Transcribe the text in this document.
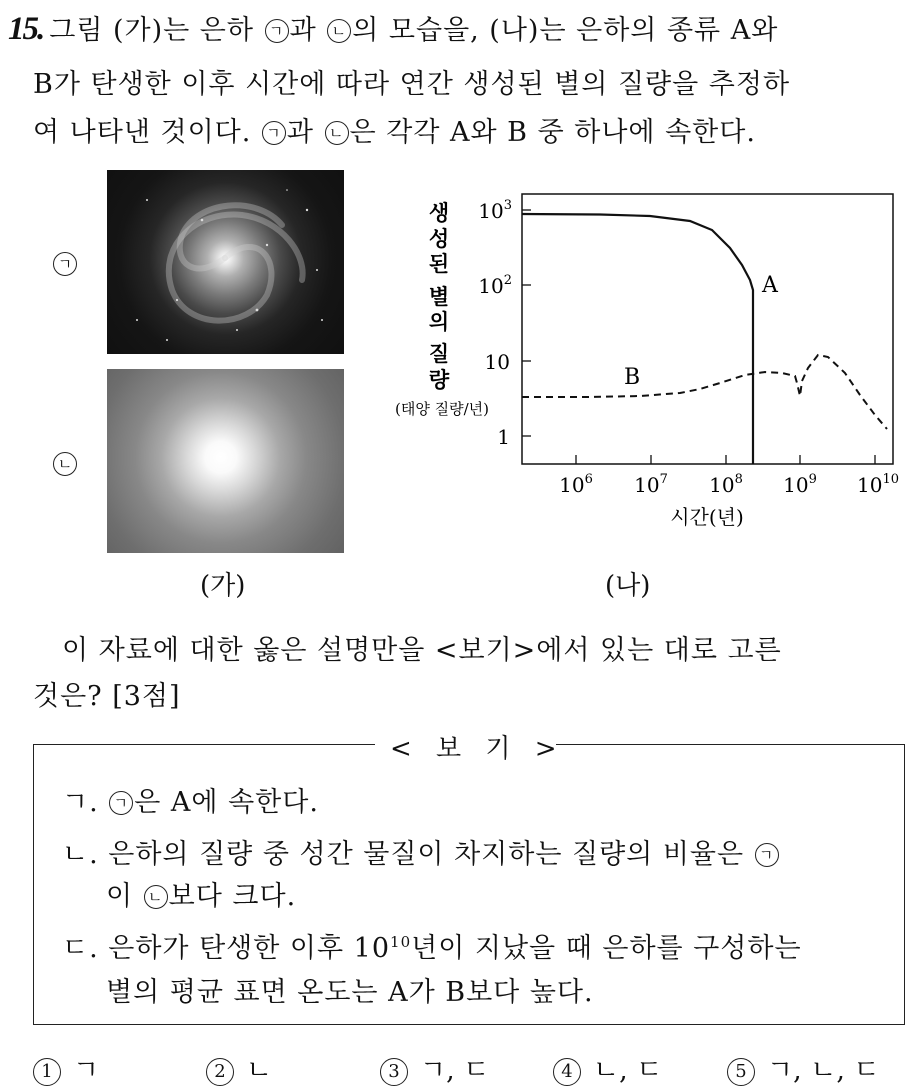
15. 그림 (가)는 은하 ㄱ 과 ㄴ 의 모습을, (나)는 은하의 종류 A와
B가 탄생한 이후 시간에 따라 연간 생성된 별의 질량을 추정하
여 나타낸 것이다. ㄱ 과 ㄴ 은 각각 A와 B 중 하나에 속한다.
ㄱ
ㄴ
(가)
생
성
된
별
의
질
량
(태양 질량/년)
$10^3$
$10^2$
10
1
$10^6$ $10^7$ $10^8$ $10^9$ $10^{10}$
시간(년)
A
B
(나)
이 자료에 대한 옳은 설명만을 <보기>에서 있는 대로 고른
것은? [3점]
< 보 기 >
ㄱ. ㄱ 은 A에 속한다.
ㄴ. 은하의 질량 중 성간 물질이 차지하는 질량의 비율은 ㄱ
이 ㄴ 보다 크다.
ㄷ. 은하가 탄생한 이후 $10^{10}$년이 지났을 때 은하를 구성하는
별의 평균 표면 온도는 A가 B보다 높다.
1 ㄱ	2 ㄴ	3 ㄱ, ㄷ	4 ㄴ, ㄷ	5 ㄱ, ㄴ, ㄷ
